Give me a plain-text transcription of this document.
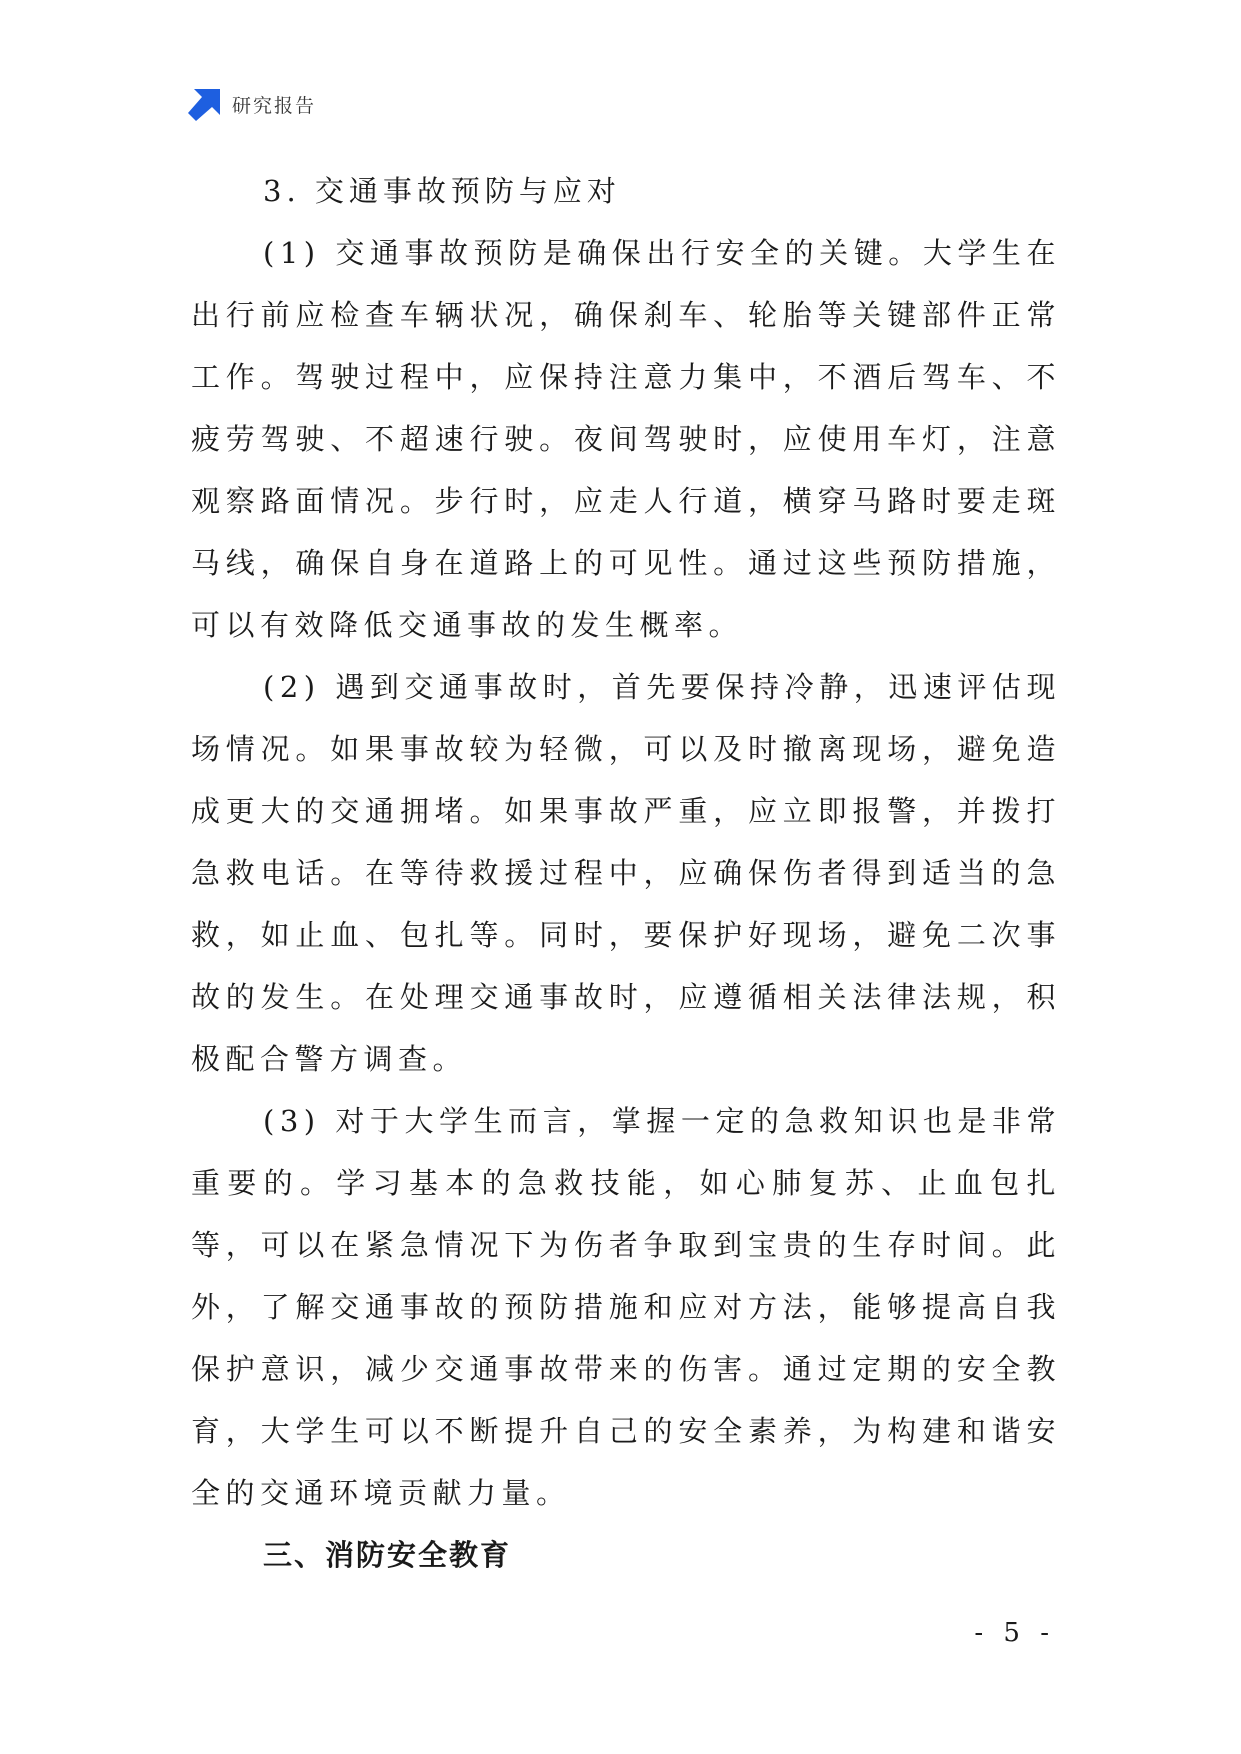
研究报告

3. 交通事故预防与应对

(1) 交通事故预防是确保出行安全的关键。大学生在出行前应检查车辆状况，确保刹车、轮胎等关键部件正常工作。驾驶过程中，应保持注意力集中，不酒后驾车、不疲劳驾驶、不超速行驶。夜间驾驶时，应使用车灯，注意观察路面情况。步行时，应走人行道，横穿马路时要走斑马线，确保自身在道路上的可见性。通过这些预防措施，可以有效降低交通事故的发生概率。

(2) 遇到交通事故时，首先要保持冷静，迅速评估现场情况。如果事故较为轻微，可以及时撤离现场，避免造成更大的交通拥堵。如果事故严重，应立即报警，并拨打急救电话。在等待救援过程中，应确保伤者得到适当的急救，如止血、包扎等。同时，要保护好现场，避免二次事故的发生。在处理交通事故时，应遵循相关法律法规，积极配合警方调查。

(3) 对于大学生而言，掌握一定的急救知识也是非常重要的。学习基本的急救技能，如心肺复苏、止血包扎等，可以在紧急情况下为伤者争取到宝贵的生存时间。此外，了解交通事故的预防措施和应对方法，能够提高自我保护意识，减少交通事故带来的伤害。通过定期的安全教育，大学生可以不断提升自己的安全素养，为构建和谐安全的交通环境贡献力量。

三、消防安全教育

- 5 -
